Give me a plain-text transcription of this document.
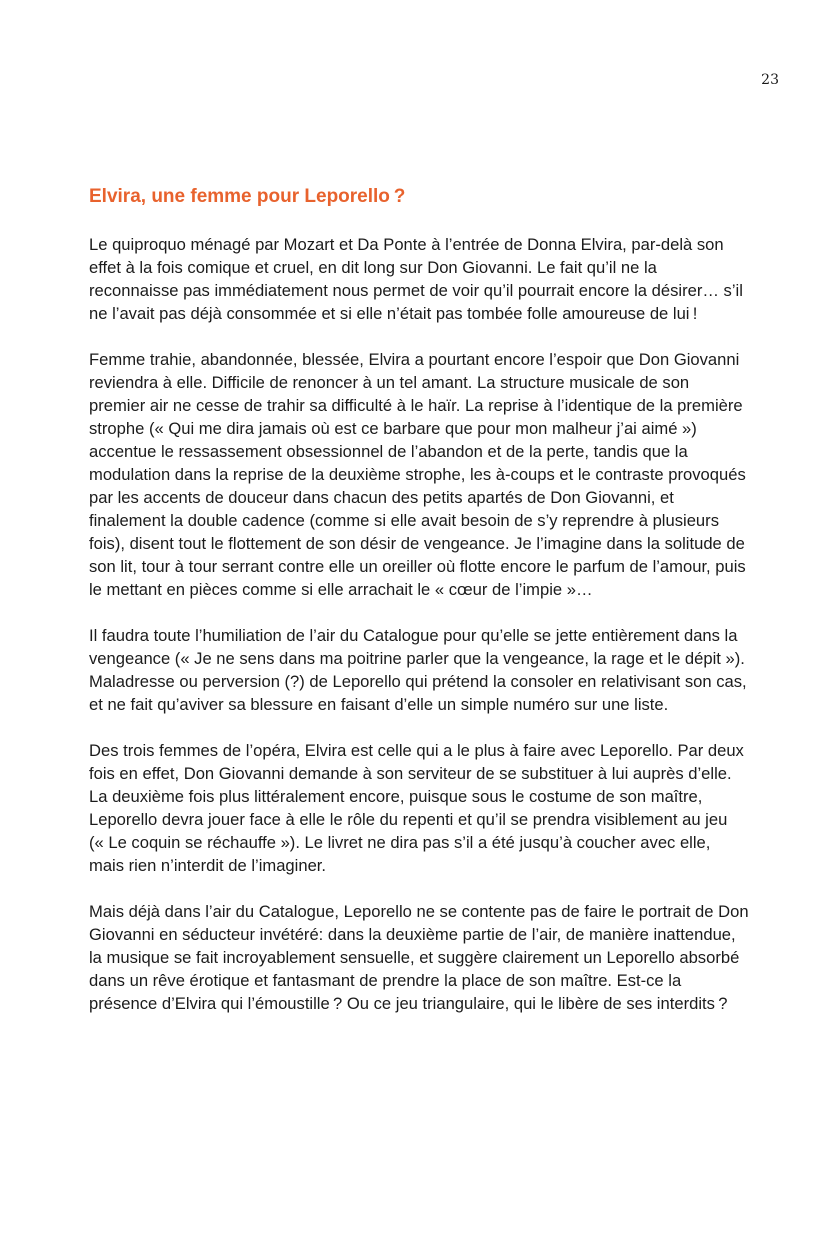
23
Elvira, une femme pour Leporello ?

Le quiproquo ménagé par Mozart et Da Ponte à l’entrée de Donna Elvira, par-delà son effet à la fois comique et cruel, en dit long sur Don Giovanni. Le fait qu’il ne la reconnaisse pas immédiatement nous permet de voir qu’il pourrait encore la désirer… s’il ne l’avait pas déjà consommée et si elle n’était pas tombée folle amoureuse de lui !

Femme trahie, abandonnée, blessée, Elvira a pourtant encore l’espoir que Don Giovanni reviendra à elle. Difficile de renoncer à un tel amant. La structure musicale de son premier air ne cesse de trahir sa difficulté à le haïr. La reprise à l’identique de la première strophe (« Qui me dira jamais où est ce barbare que pour mon malheur j’ai aimé ») accentue le ressassement obsessionnel de l’abandon et de la perte, tandis que la modulation dans la reprise de la deuxième strophe, les à-coups et le contraste provoqués par les accents de douceur dans chacun des petits apartés de Don Giovanni, et finalement la double cadence (comme si elle avait besoin de s’y reprendre à plusieurs fois), disent tout le flottement de son désir de vengeance. Je l’imagine dans la solitude de son lit, tour à tour serrant contre elle un oreiller où flotte encore le parfum de l’amour, puis le mettant en pièces comme si elle arrachait le « cœur de l’impie »…

Il faudra toute l’humiliation de l’air du Catalogue pour qu’elle se jette entièrement dans la vengeance (« Je ne sens dans ma poitrine parler que la vengeance, la rage et le dépit »). Maladresse ou perversion (?) de Leporello qui prétend la consoler en relativisant son cas, et ne fait qu’aviver sa blessure en faisant d’elle un simple numéro sur une liste.

Des trois femmes de l’opéra, Elvira est celle qui a le plus à faire avec Leporello. Par deux fois en effet, Don Giovanni demande à son serviteur de se substituer à lui auprès d’elle. La deuxième fois plus littéralement encore, puisque sous le costume de son maître, Leporello devra jouer face à elle le rôle du repenti et qu’il se prendra visiblement au jeu (« Le coquin se réchauffe »). Le livret ne dira pas s’il a été jusqu’à coucher avec elle, mais rien n’interdit de l’imaginer.

Mais déjà dans l’air du Catalogue, Leporello ne se contente pas de faire le portrait de Don Giovanni en séducteur invétéré: dans la deuxième partie de l’air, de manière inattendue, la musique se fait incroyablement sensuelle, et suggère clairement un Leporello absorbé dans un rêve érotique et fantasmant de prendre la place de son maître. Est-ce la présence d’Elvira qui l’émoustille ? Ou ce jeu triangulaire, qui le libère de ses interdits ?
